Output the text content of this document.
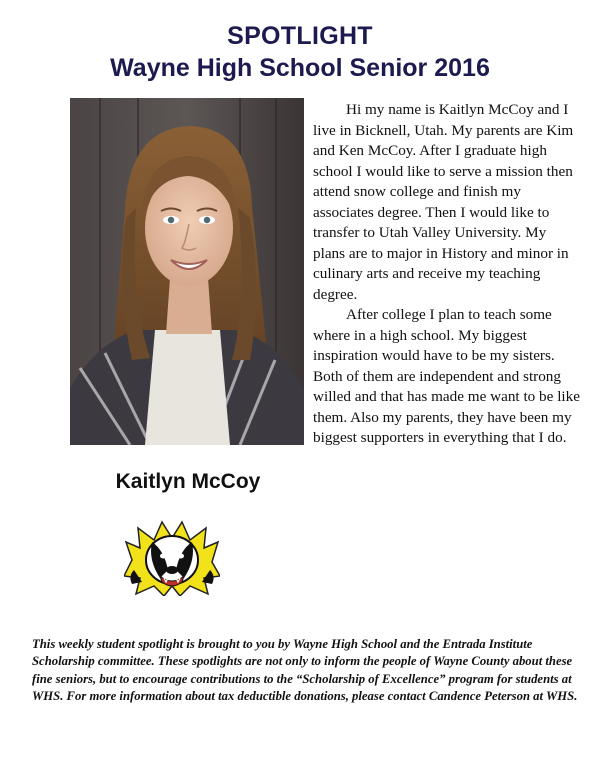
SPOTLIGHT
Wayne High School Senior 2016
Kaitlyn McCoy

Hi my name is Kaitlyn McCoy and I live in Bicknell, Utah. My parents are Kim and Ken McCoy. After I graduate high school I would like to serve a mission then attend snow college and finish my associates degree. Then I would like to transfer to Utah Valley University. My plans are to major in History and minor in culinary arts and receive my teaching degree.

After college I plan to teach some where in a high school. My biggest inspiration would have to be my sisters. Both of them are independent and strong willed and that has made me want to be like them. Also my parents, they have been my biggest supporters in everything that I do.

This weekly student spotlight is brought to you by Wayne High School and the Entrada Institute Scholarship committee. These spotlights are not only to inform the people of Wayne County about these fine seniors, but to encourage contributions to the “Scholarship of Excellence” program for students at WHS. For more information about tax deductible donations, please contact Candence Peterson at WHS.
